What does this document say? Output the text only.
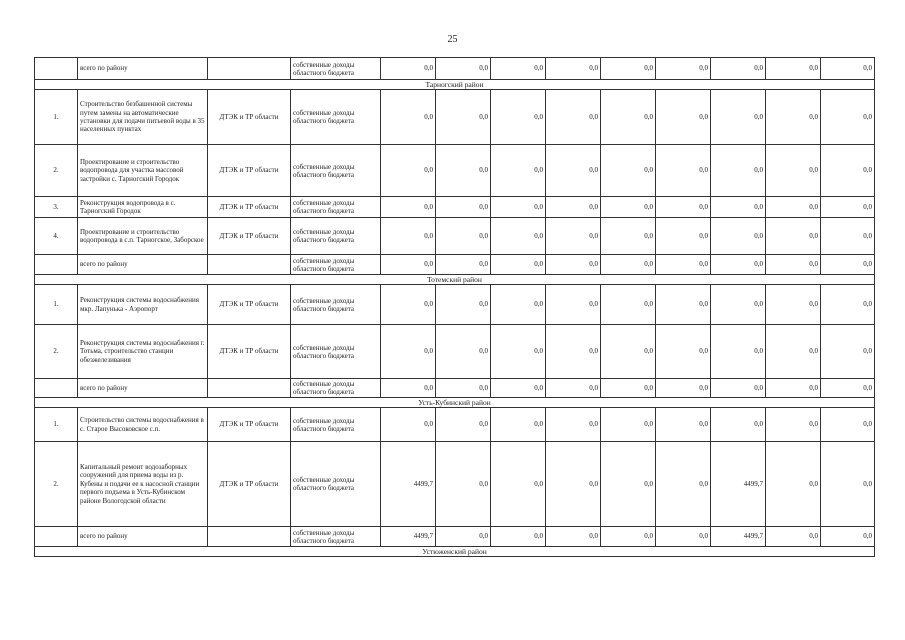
25
	всего по району		собственные доходы областного бюджета	0,0	0,0	0,0	0,0	0,0	0,0	0,0	0,0	0,0
Тарногский район												
1.	Строительство безбашенной системы путем замены на автоматические установки для подачи питьевой воды в 35 населенных пунктах	ДТЭК и ТР области	собственные доходы областного бюджета	0,0	0,0	0,0	0,0	0,0	0,0	0,0	0,0	0,0
2.	Проектирование и строительство водопровода для участка массовой застройки с. Тарногский Городок	ДТЭК и ТР области	собственные доходы областного бюджета	0,0	0,0	0,0	0,0	0,0	0,0	0,0	0,0	0,0
3.	Реконструкция водопровода в с. Тарногский Городок	ДТЭК и ТР области	собственные доходы областного бюджета	0,0	0,0	0,0	0,0	0,0	0,0	0,0	0,0	0,0
4.	Проектирование и строительство водопровода в с.п. Тарногское, Заборское	ДТЭК и ТР области	собственные доходы областного бюджета	0,0	0,0	0,0	0,0	0,0	0,0	0,0	0,0	0,0
	всего по району		собственные доходы областного бюджета	0,0	0,0	0,0	0,0	0,0	0,0	0,0	0,0	0,0
Тотемский район												
1.	Реконструкция системы водоснабжения мкр. Лапунька - Аэропорт	ДТЭК и ТР области	собственные доходы областного бюджета	0,0	0,0	0,0	0,0	0,0	0,0	0,0	0,0	0,0
2.	Реконструкция системы водоснабжения г. Тотьма, строительство станции обезжелезивания	ДТЭК и ТР области	собственные доходы областного бюджета	0,0	0,0	0,0	0,0	0,0	0,0	0,0	0,0	0,0
	всего по району		собственные доходы областного бюджета	0,0	0,0	0,0	0,0	0,0	0,0	0,0	0,0	0,0
Усть-Кубинский район												
1.	Строительство системы водоснабжения в с. Старое Высоковское с.п.	ДТЭК и ТР области	собственные доходы областного бюджета	0,0	0,0	0,0	0,0	0,0	0,0	0,0	0,0	0,0
2.	Капитальный ремонт водозаборных сооружений для приема воды из р. Кубены и подачи ее к насосной станции первого подъема в Усть-Кубинском районе Вологодской области	ДТЭК и ТР области	собственные доходы областного бюджета	4499,7	0,0	0,0	0,0	0,0	0,0	4499,7	0,0	0,0
	всего по району		собственные доходы областного бюджета	4499,7	0,0	0,0	0,0	0,0	0,0	4499,7	0,0	0,0
Устюженский район												
